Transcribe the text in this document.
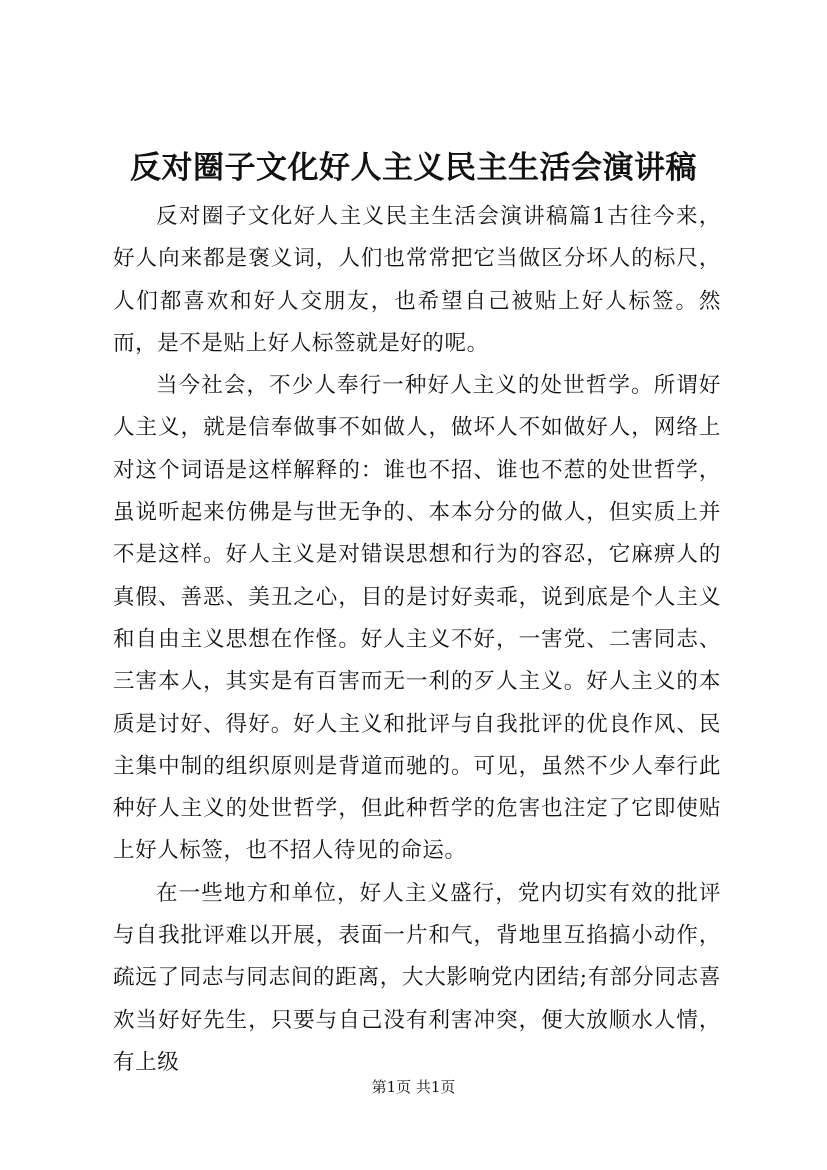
反对圈子文化好人主义民主生活会演讲稿

反对圈子文化好人主义民主生活会演讲稿篇1古往今来，好人向来都是褒义词，人们也常常把它当做区分坏人的标尺，人们都喜欢和好人交朋友，也希望自己被贴上好人标签。然而，是不是贴上好人标签就是好的呢。

当今社会，不少人奉行一种好人主义的处世哲学。所谓好人主义，就是信奉做事不如做人，做坏人不如做好人，网络上对这个词语是这样解释的：谁也不招、谁也不惹的处世哲学，虽说听起来仿佛是与世无争的、本本分分的做人，但实质上并不是这样。好人主义是对错误思想和行为的容忍，它麻痹人的真假、善恶、美丑之心，目的是讨好卖乖，说到底是个人主义和自由主义思想在作怪。好人主义不好，一害党、二害同志、三害本人，其实是有百害而无一利的歹人主义。好人主义的本质是讨好、得好。好人主义和批评与自我批评的优良作风、民主集中制的组织原则是背道而驰的。可见，虽然不少人奉行此种好人主义的处世哲学，但此种哲学的危害也注定了它即使贴上好人标签，也不招人待见的命运。

在一些地方和单位，好人主义盛行，党内切实有效的批评与自我批评难以开展，表面一片和气，背地里互掐搞小动作，疏远了同志与同志间的距离，大大影响党内团结;有部分同志喜欢当好好先生，只要与自己没有利害冲突，便大放顺水人情，有上级

第1页 共1页
